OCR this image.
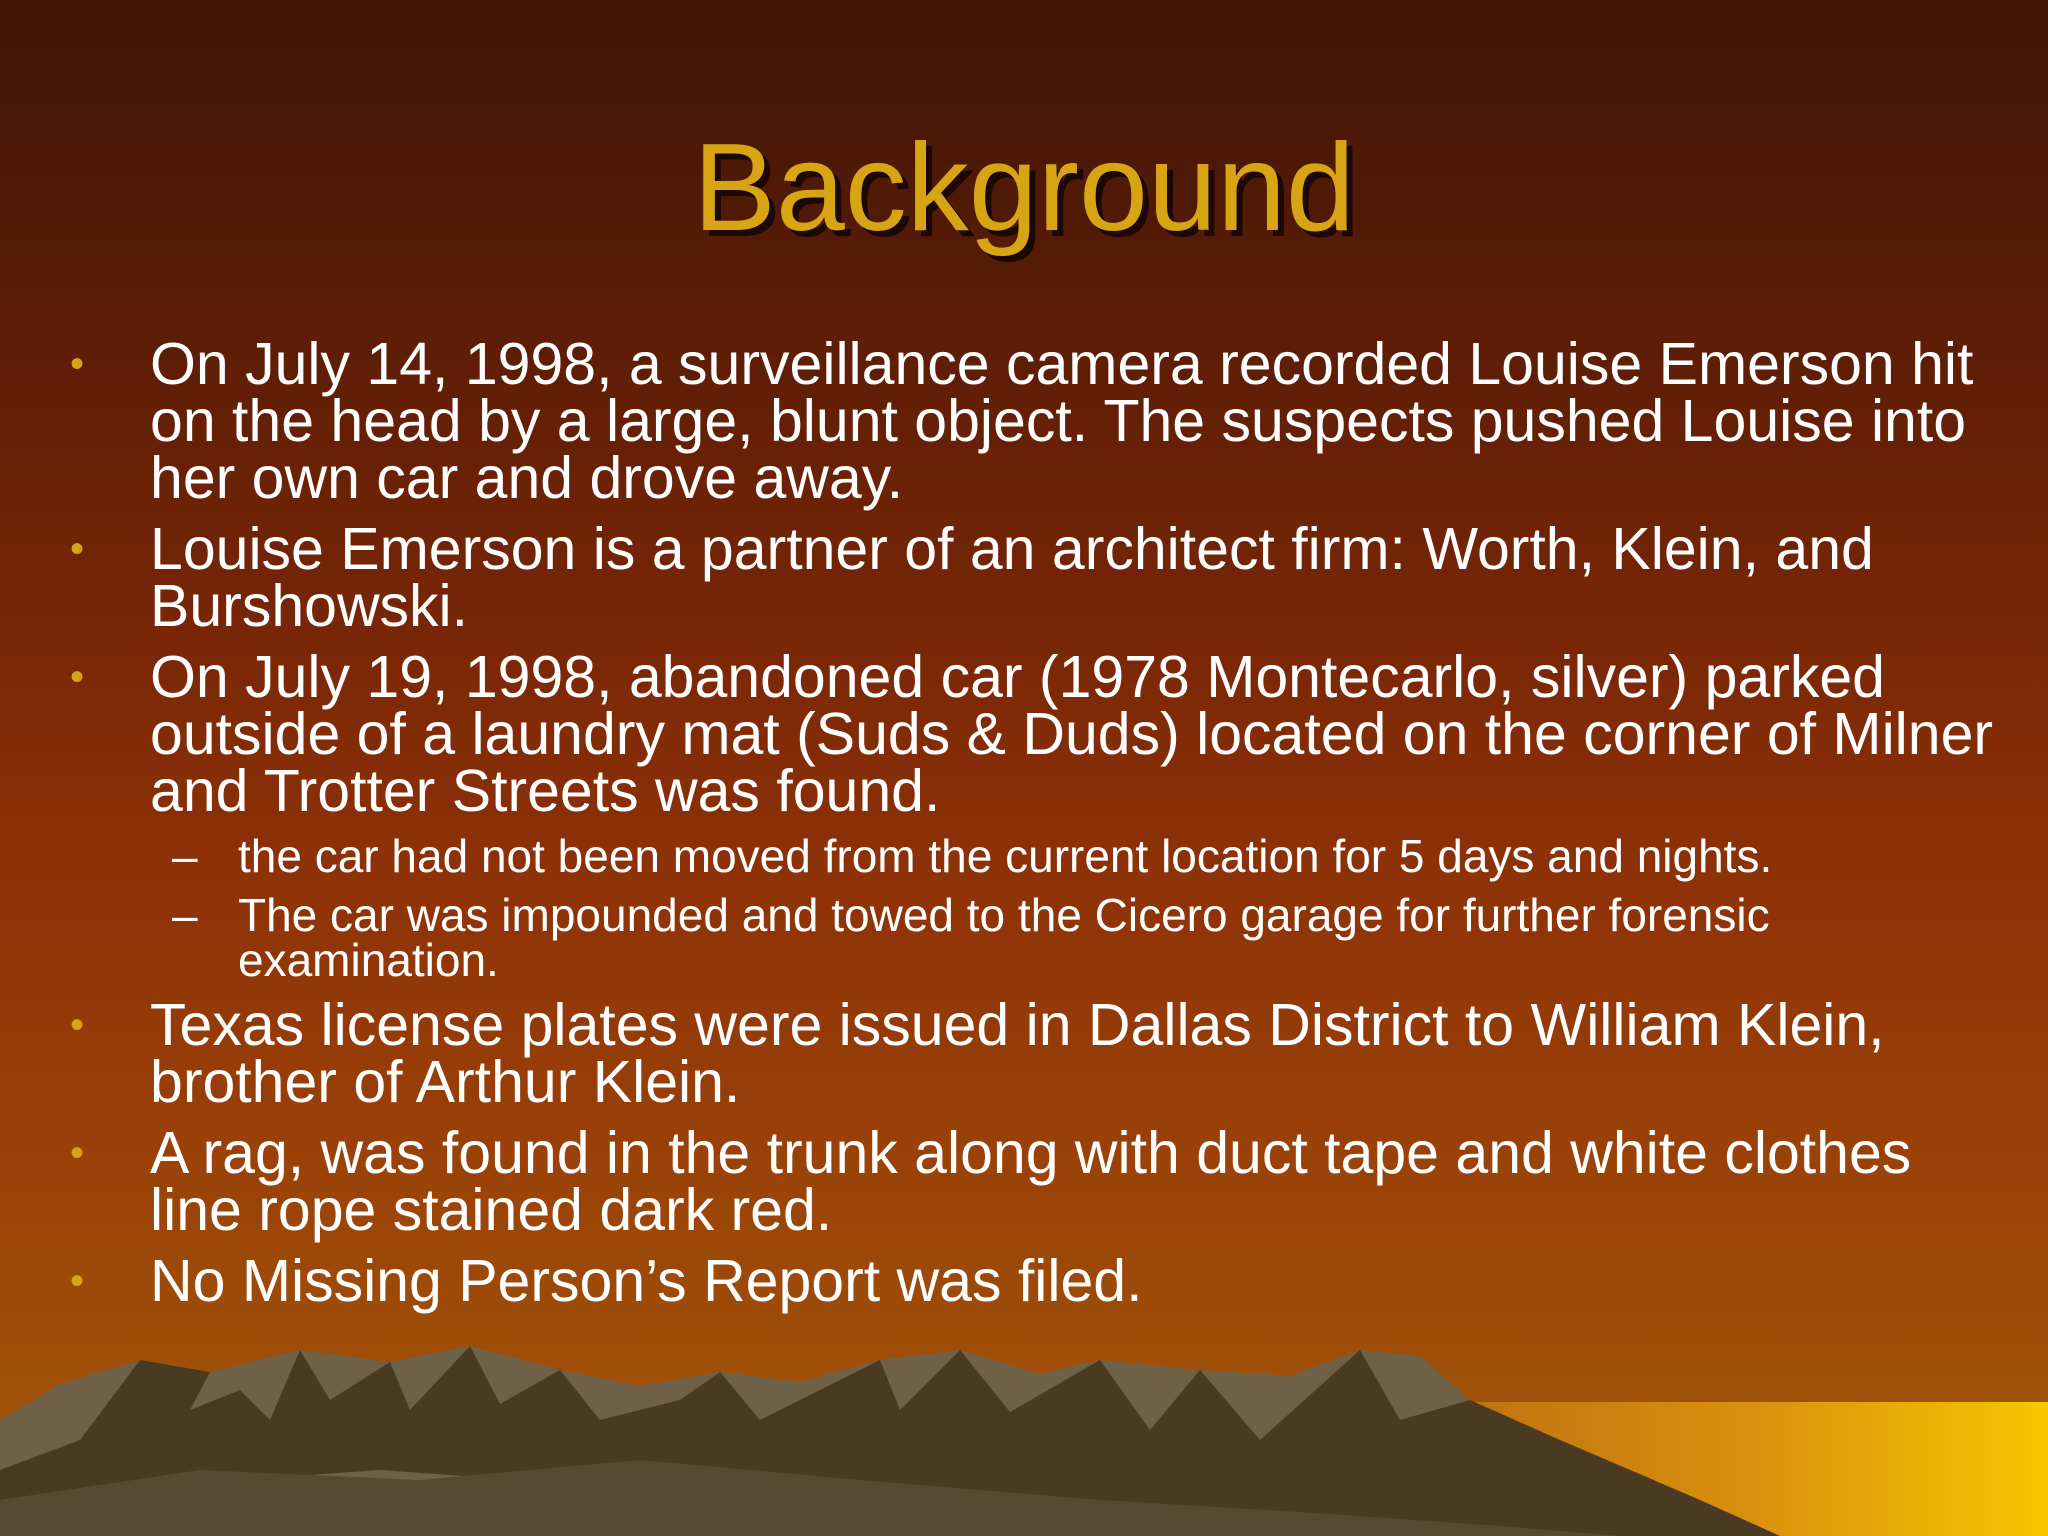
Background
• On July 14, 1998, a surveillance camera recorded Louise Emerson hit on the head by a large, blunt object. The suspects pushed Louise into her own car and drove away.
• Louise Emerson is a partner of an architect firm: Worth, Klein, and Burshowski.
• On July 19, 1998, abandoned car (1978 Montecarlo, silver) parked outside of a laundry mat (Suds & Duds) located on the corner of Milner and Trotter Streets was found.
– the car had not been moved from the current location for 5 days and nights.
– The car was impounded and towed to the Cicero garage for further forensic examination.
• Texas license plates were issued in Dallas District to William Klein, brother of Arthur Klein.
• A rag, was found in the trunk along with duct tape and white clothes line rope stained dark red.
• No Missing Person’s Report was filed.
